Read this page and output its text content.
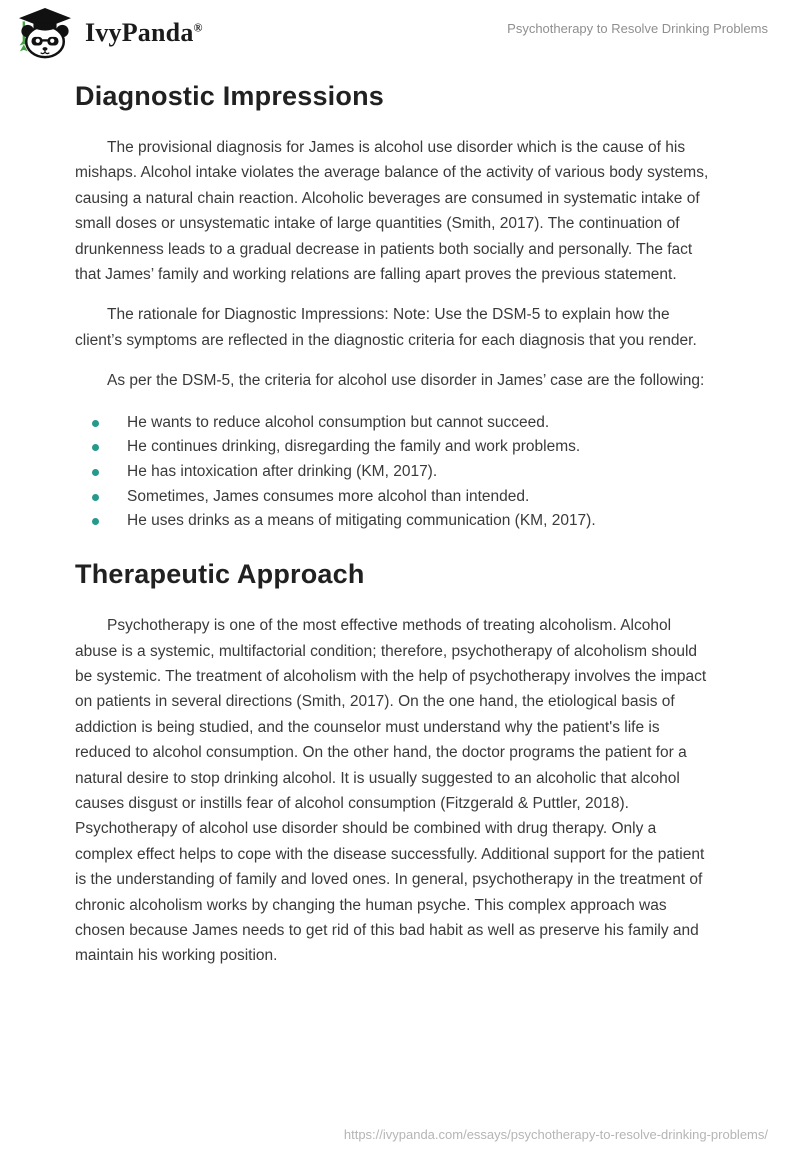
IvyPanda®	Psychotherapy to Resolve Drinking Problems
Diagnostic Impressions

The provisional diagnosis for James is alcohol use disorder which is the cause of his mishaps. Alcohol intake violates the average balance of the activity of various body systems, causing a natural chain reaction. Alcoholic beverages are consumed in systematic intake of small doses or unsystematic intake of large quantities (Smith, 2017). The continuation of drunkenness leads to a gradual decrease in patients both socially and personally. The fact that James’ family and working relations are falling apart proves the previous statement.

The rationale for Diagnostic Impressions: Note: Use the DSM-5 to explain how the client’s symptoms are reflected in the diagnostic criteria for each diagnosis that you render.

As per the DSM-5, the criteria for alcohol use disorder in James’ case are the following:

He wants to reduce alcohol consumption but cannot succeed.
He continues drinking, disregarding the family and work problems.
He has intoxication after drinking (KM, 2017).
Sometimes, James consumes more alcohol than intended.
He uses drinks as a means of mitigating communication (KM, 2017).
Therapeutic Approach

Psychotherapy is one of the most effective methods of treating alcoholism. Alcohol abuse is a systemic, multifactorial condition; therefore, psychotherapy of alcoholism should be systemic. The treatment of alcoholism with the help of psychotherapy involves the impact on patients in several directions (Smith, 2017). On the one hand, the etiological basis of addiction is being studied, and the counselor must understand why the patient's life is reduced to alcohol consumption. On the other hand, the doctor programs the patient for a natural desire to stop drinking alcohol. It is usually suggested to an alcoholic that alcohol causes disgust or instills fear of alcohol consumption (Fitzgerald & Puttler, 2018). Psychotherapy of alcohol use disorder should be combined with drug therapy. Only a complex effect helps to cope with the disease successfully. Additional support for the patient is the understanding of family and loved ones. In general, psychotherapy in the treatment of chronic alcoholism works by changing the human psyche. This complex approach was chosen because James needs to get rid of this bad habit as well as preserve his family and maintain his working position.

https://ivypanda.com/essays/psychotherapy-to-resolve-drinking-problems/
